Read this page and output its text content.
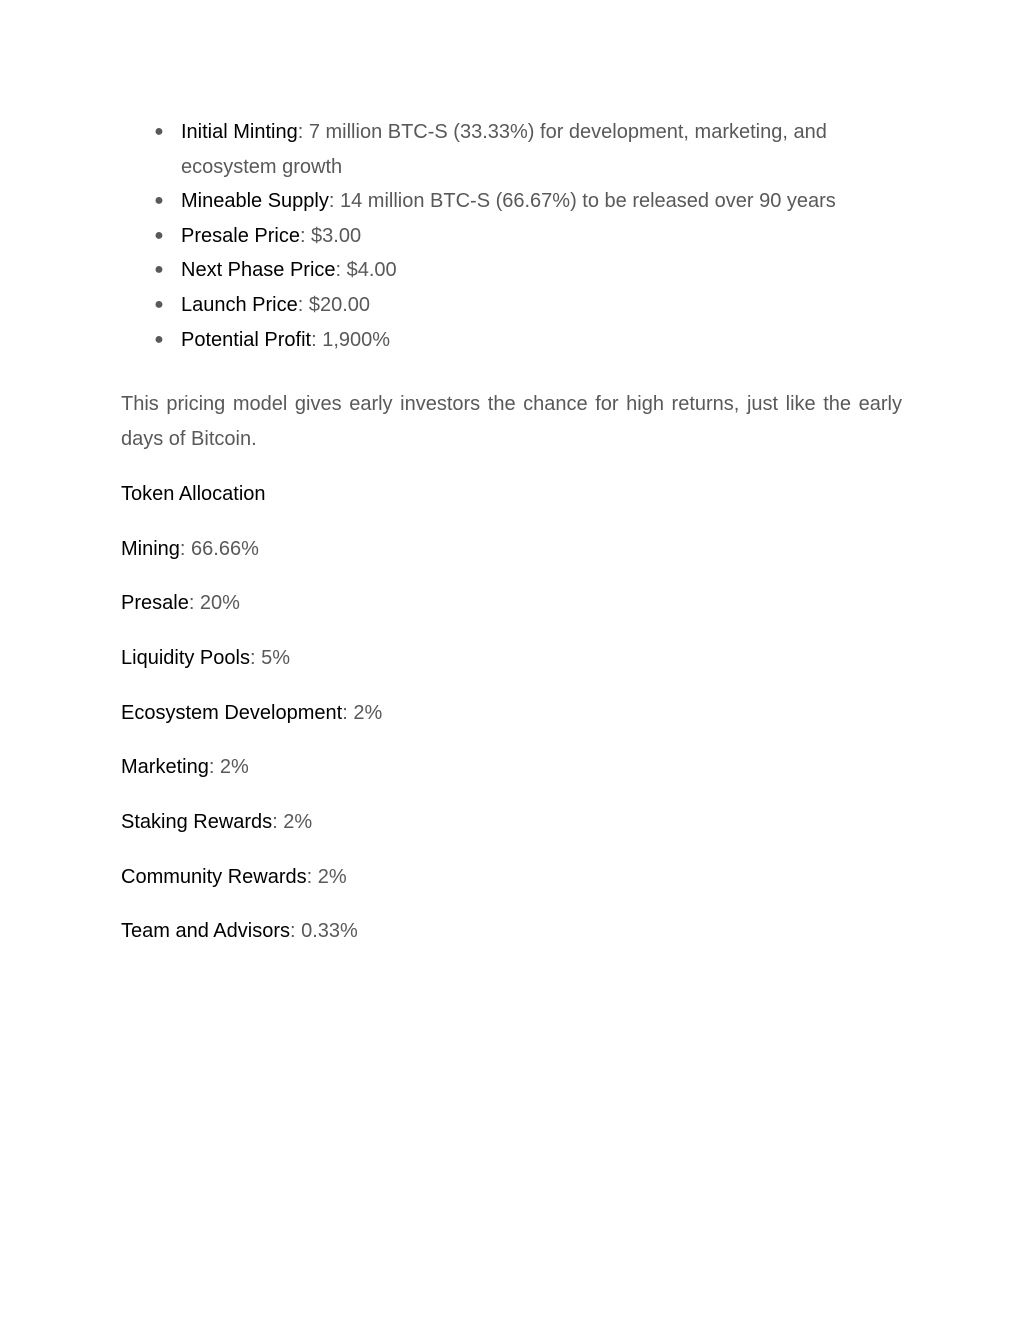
● Initial Minting: 7 million BTC-S (33.33%) for development, marketing, and ecosystem growth
● Mineable Supply: 14 million BTC-S (66.67%) to be released over 90 years
● Presale Price: $3.00
● Next Phase Price: $4.00
● Launch Price: $20.00
● Potential Profit: 1,900%

This pricing model gives early investors the chance for high returns, just like the early days of Bitcoin.

Token Allocation

Mining: 66.66%

Presale: 20%

Liquidity Pools: 5%

Ecosystem Development: 2%

Marketing: 2%

Staking Rewards: 2%

Community Rewards: 2%

Team and Advisors: 0.33%
